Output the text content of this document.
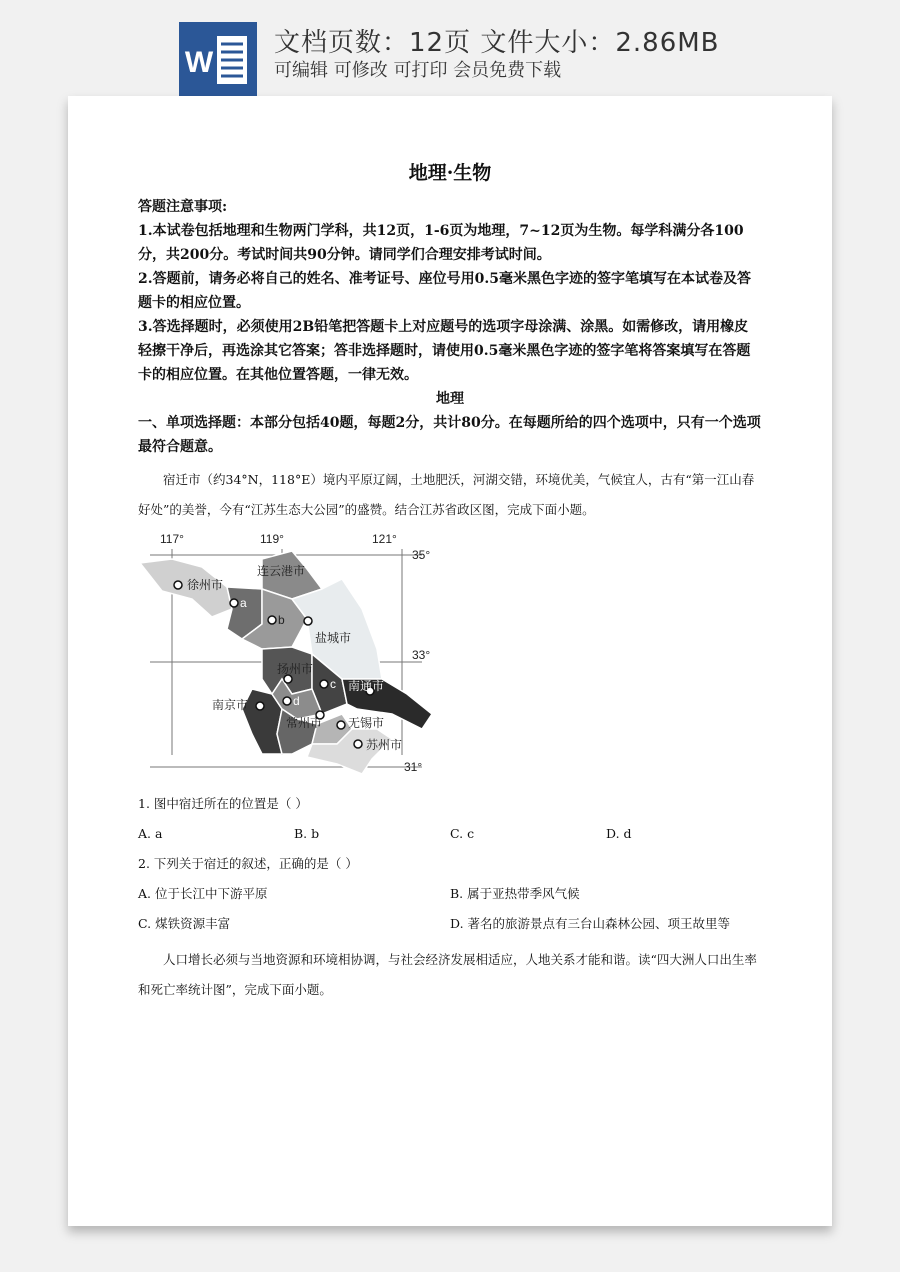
W
文档页数：12页 文件大小：2.86MB
可编辑 可修改 可打印 会员免费下载
地理·生物

答题注意事项:

1.本试卷包括地理和生物两门学科，共12页，1-6页为地理，7~12页为生物。每学科满分各100分，共200分。考试时间共90分钟。请同学们合理安排考试时间。

2.答题前，请务必将自己的姓名、准考证号、座位号用0.5毫米黑色字迹的签字笔填写在本试卷及答题卡的相应位置。

3.答选择题时，必须使用2B铅笔把答题卡上对应题号的选项字母涂满、涂黑。如需修改，请用橡皮轻擦干净后，再选涂其它答案；答非选择题时，请使用0.5毫米黑色字迹的签字笔将答案填写在答题卡的相应位置。在其他位置答题，一律无效。

地理

一、单项选择题：本部分包括40题，每题2分，共计80分。在每题所给的四个选项中，只有一个选项最符合题意。

宿迁市（约34°N，118°E）境内平原辽阔，土地肥沃，河湖交错，环境优美，气候宜人，古有“第一江山春好处”的美誉，今有“江苏生态大公园”的盛赞。结合江苏省政区图，完成下面小题。

117°	119°	121°
35°
33°
31°
徐州市
连云港市
盐城市
扬州市
南通市
南京市
常州市 无锡市
苏州市
a
b
c
d

1. 图中宿迁所在的位置是（ ）

A. a	B. b	C. c	D. d

2. 下列关于宿迁的叙述，正确的是（ ）

A. 位于长江中下游平原	B. 属于亚热带季风气候
C. 煤铁资源丰富	D. 著名的旅游景点有三台山森林公园、项王故里等

人口增长必须与当地资源和环境相协调，与社会经济发展相适应，人地关系才能和谐。读“四大洲人口出生率和死亡率统计图”，完成下面小题。
